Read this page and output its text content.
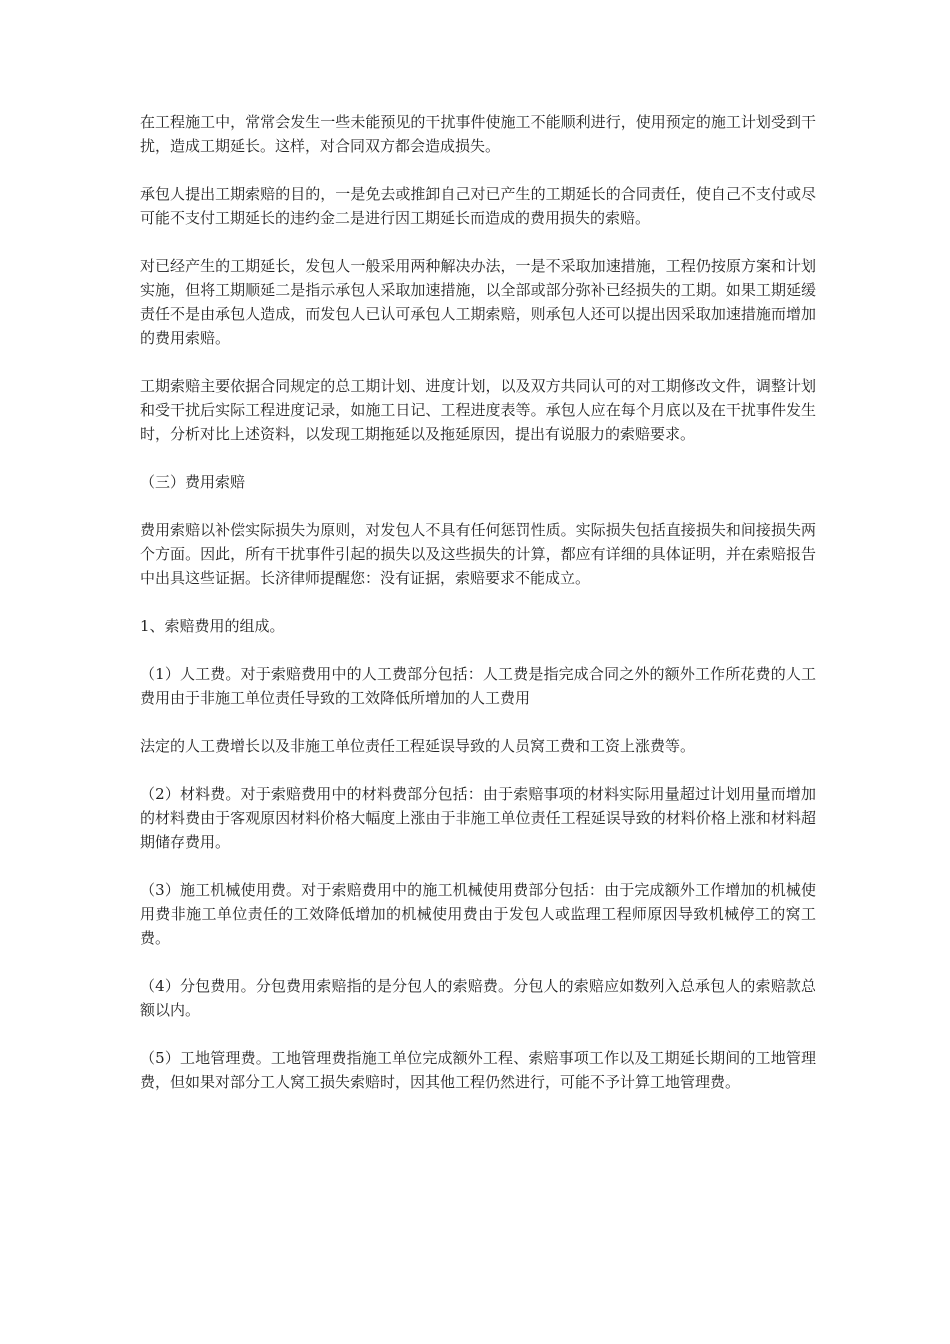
在工程施工中，常常会发生一些未能预见的干扰事件使施工不能顺利进行，使用预定的施工计划受到干扰，造成工期延长。这样，对合同双方都会造成损失。

承包人提出工期索赔的目的，一是免去或推卸自己对已产生的工期延长的合同责任，使自己不支付或尽可能不支付工期延长的违约金二是进行因工期延长而造成的费用损失的索赔。

对已经产生的工期延长，发包人一般采用两种解决办法，一是不采取加速措施，工程仍按原方案和计划实施，但将工期顺延二是指示承包人采取加速措施，以全部或部分弥补已经损失的工期。如果工期延缓责任不是由承包人造成，而发包人已认可承包人工期索赔，则承包人还可以提出因采取加速措施而增加的费用索赔。

工期索赔主要依据合同规定的总工期计划、进度计划，以及双方共同认可的对工期修改文件，调整计划和受干扰后实际工程进度记录，如施工日记、工程进度表等。承包人应在每个月底以及在干扰事件发生时，分析对比上述资料，以发现工期拖延以及拖延原因，提出有说服力的索赔要求。

（三）费用索赔

费用索赔以补偿实际损失为原则，对发包人不具有任何惩罚性质。实际损失包括直接损失和间接损失两个方面。因此，所有干扰事件引起的损失以及这些损失的计算，都应有详细的具体证明，并在索赔报告中出具这些证据。长济律师提醒您：没有证据，索赔要求不能成立。

1、索赔费用的组成。

（1）人工费。对于索赔费用中的人工费部分包括：人工费是指完成合同之外的额外工作所花费的人工费用由于非施工单位责任导致的工效降低所增加的人工费用

法定的人工费增长以及非施工单位责任工程延误导致的人员窝工费和工资上涨费等。

（2）材料费。对于索赔费用中的材料费部分包括：由于索赔事项的材料实际用量超过计划用量而增加的材料费由于客观原因材料价格大幅度上涨由于非施工单位责任工程延误导致的材料价格上涨和材料超期储存费用。

（3）施工机械使用费。对于索赔费用中的施工机械使用费部分包括：由于完成额外工作增加的机械使用费非施工单位责任的工效降低增加的机械使用费由于发包人或监理工程师原因导致机械停工的窝工费。

（4）分包费用。分包费用索赔指的是分包人的索赔费。分包人的索赔应如数列入总承包人的索赔款总额以内。

（5）工地管理费。工地管理费指施工单位完成额外工程、索赔事项工作以及工期延长期间的工地管理费，但如果对部分工人窝工损失索赔时，因其他工程仍然进行，可能不予计算工地管理费。
